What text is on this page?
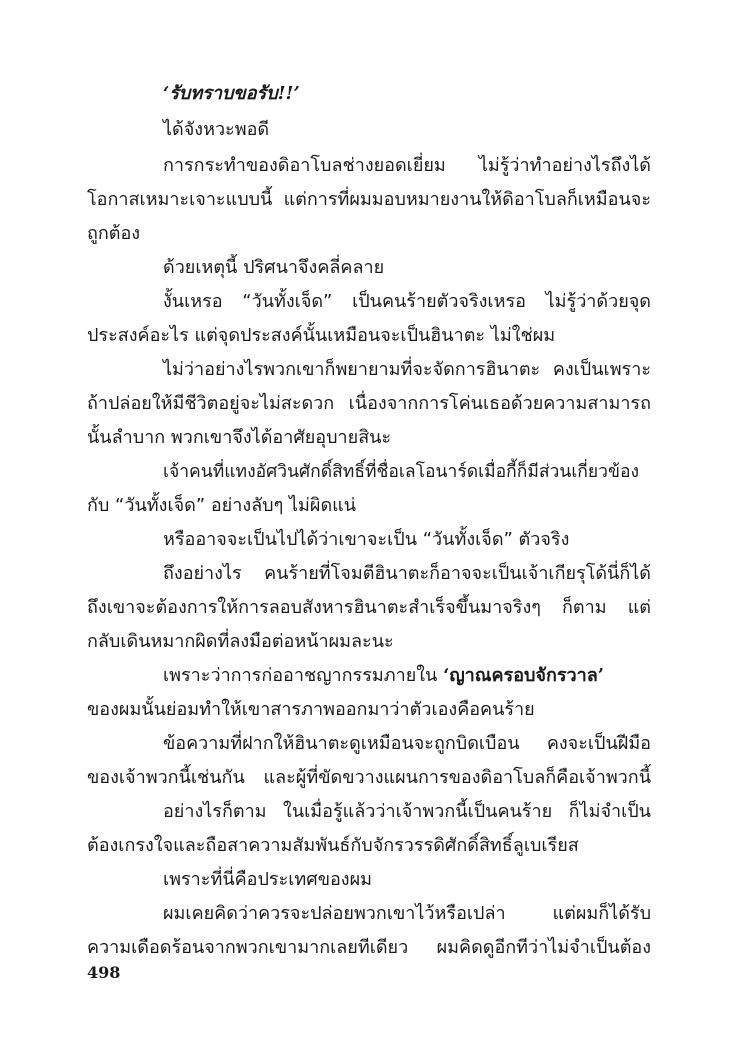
‘รับทราบขอรับ!!’
ได้จังหวะพอดี
การกระทำของดิอาโบลช่างยอดเยี่ยม ไม่รู้ว่าทำอย่างไรถึงได้
โอกาสเหมาะเจาะแบบนี้ แต่การที่ผมมอบหมายงานให้ดิอาโบลก็เหมือนจะ
ถูกต้อง
ด้วยเหตุนี้ ปริศนาจึงคลี่คลาย
งั้นเหรอ “วันทั้งเจ็ด” เป็นคนร้ายตัวจริงเหรอ ไม่รู้ว่าด้วยจุด
ประสงค์อะไร แต่จุดประสงค์นั้นเหมือนจะเป็นฮินาตะ ไม่ใช่ผม
ไม่ว่าอย่างไรพวกเขาก็พยายามที่จะจัดการฮินาตะ คงเป็นเพราะ
ถ้าปล่อยให้มีชีวิตอยู่จะไม่สะดวก เนื่องจากการโค่นเธอด้วยความสามารถ
นั้นลำบาก พวกเขาจึงได้อาศัยอุบายสินะ
เจ้าคนที่แทงอัศวินศักดิ์สิทธิ์ที่ชื่อเลโอนาร์ดเมื่อกี้ก็มีส่วนเกี่ยวข้อง
กับ “วันทั้งเจ็ด” อย่างลับๆ ไม่ผิดแน่
หรืออาจจะเป็นไปได้ว่าเขาจะเป็น “วันทั้งเจ็ด” ตัวจริง
ถึงอย่างไร คนร้ายที่โจมตีฮินาตะก็อาจจะเป็นเจ้าเกียรุโด้นี่ก็ได้
ถึงเขาจะต้องการให้การลอบสังหารฮินาตะสำเร็จขึ้นมาจริงๆ ก็ตาม แต่
กลับเดินหมากผิดที่ลงมือต่อหน้าผมละนะ
เพราะว่าการก่ออาชญากรรมภายใน ‘ญาณครอบจักรวาล’
ของผมนั้นย่อมทำให้เขาสารภาพออกมาว่าตัวเองคือคนร้าย
ข้อความที่ฝากให้ฮินาตะดูเหมือนจะถูกบิดเบือน คงจะเป็นฝีมือ
ของเจ้าพวกนี้เช่นกัน และผู้ที่ขัดขวางแผนการของดิอาโบลก็คือเจ้าพวกนี้
อย่างไรก็ตาม ในเมื่อรู้แล้วว่าเจ้าพวกนี้เป็นคนร้าย ก็ไม่จำเป็น
ต้องเกรงใจและถือสาความสัมพันธ์กับจักรวรรดิศักดิ์สิทธิ์ลูเบเรียส
เพราะที่นี่คือประเทศของผม
ผมเคยคิดว่าควรจะปล่อยพวกเขาไว้หรือเปล่า แต่ผมก็ได้รับ
ความเดือดร้อนจากพวกเขามากเลยทีเดียว ผมคิดดูอีกทีว่าไม่จำเป็นต้อง
498
